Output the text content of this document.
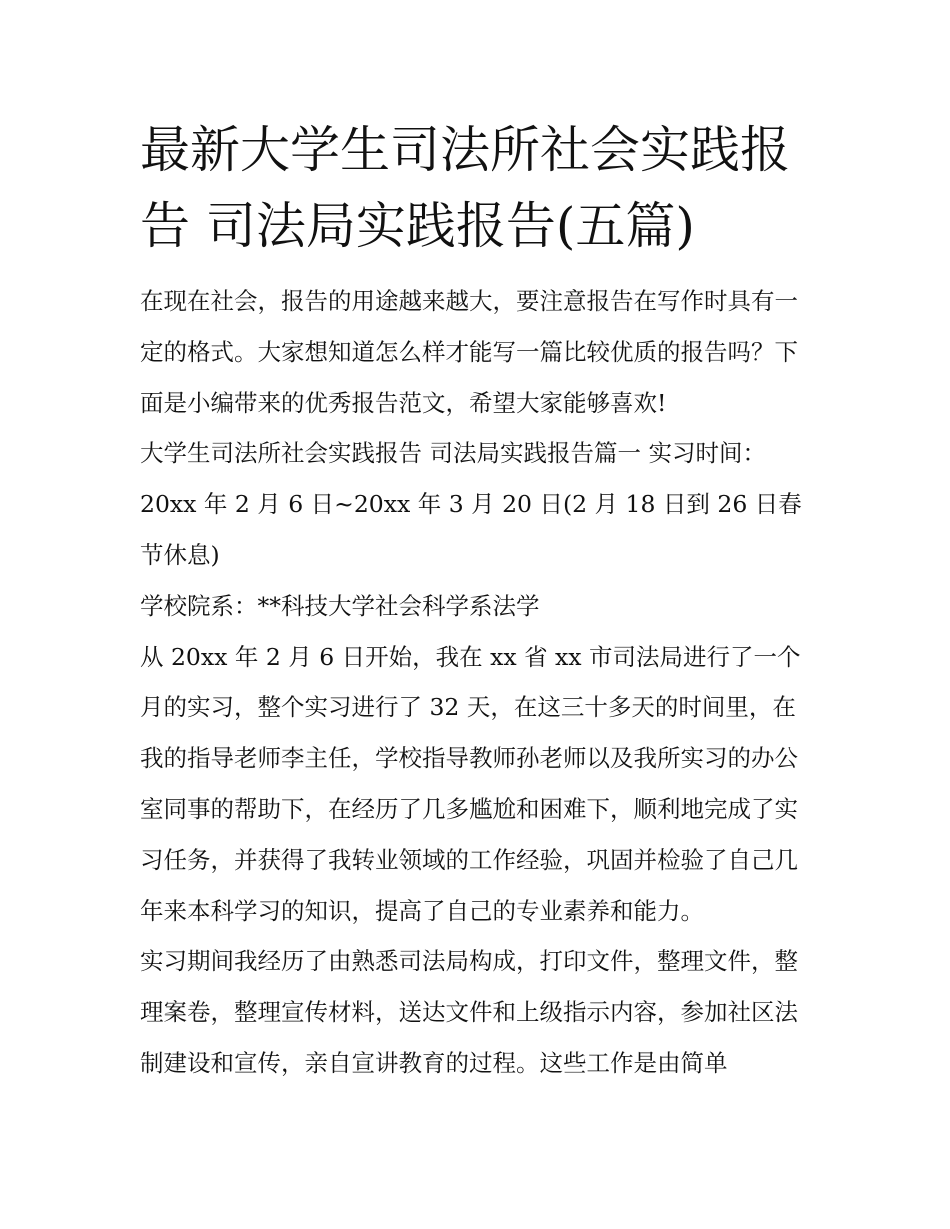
最新大学生司法所社会实践报告 司法局实践报告(五篇)

在现在社会，报告的用途越来越大，要注意报告在写作时具有一定的格式。大家想知道怎么样才能写一篇比较优质的报告吗？下面是小编带来的优秀报告范文，希望大家能够喜欢!

大学生司法所社会实践报告 司法局实践报告篇一 实习时间：20xx 年 2 月 6 日~20xx 年 3 月 20 日(2 月 18 日到 26 日春节休息)

学校院系：**科技大学社会科学系法学

从 20xx 年 2 月 6 日开始，我在 xx 省 xx 市司法局进行了一个月的实习，整个实习进行了 32 天，在这三十多天的时间里，在我的指导老师李主任，学校指导教师孙老师以及我所实习的办公室同事的帮助下，在经历了几多尴尬和困难下，顺利地完成了实习任务，并获得了我转业领域的工作经验，巩固并检验了自己几年来本科学习的知识，提高了自己的专业素养和能力。

实习期间我经历了由熟悉司法局构成，打印文件，整理文件，整理案卷，整理宣传材料，送达文件和上级指示内容，参加社区法制建设和宣传，亲自宣讲教育的过程。这些工作是由简单
